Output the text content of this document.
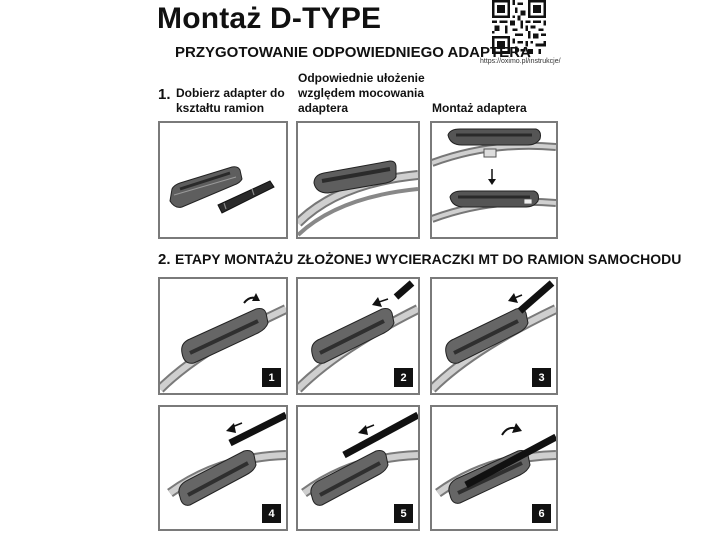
Montaż D-TYPE
https://oximo.pl/instrukcje/
PRZYGOTOWANIE ODPOWIEDNIEGO ADAPTERA
1. Dobierz adapter do
kształtu ramion
Odpowiednie ułożenie
względem mocowania
adaptera	Montaż adaptera
2. ETAPY MONTAŻU ZŁOŻONEJ WYCIERACZKI MT DO RAMION SAMOCHODU
1	2	3
4	5	6
